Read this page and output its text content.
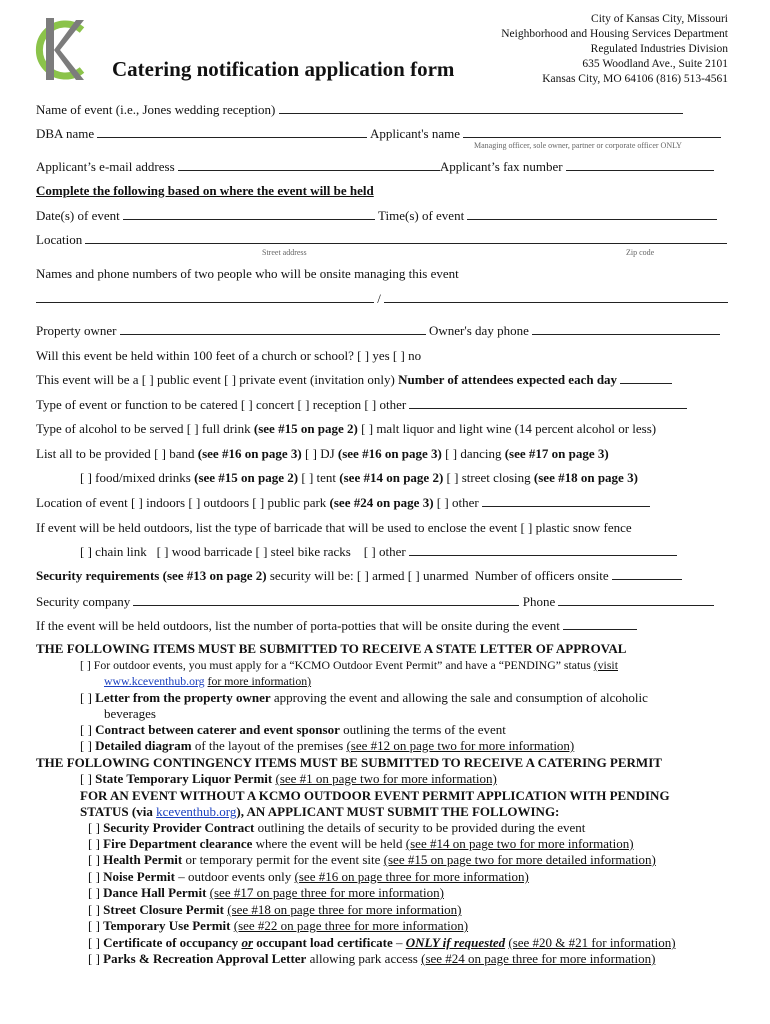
Catering notification application form
City of Kansas City, Missouri
Neighborhood and Housing Services Department
Regulated Industries Division
635 Woodland Ave., Suite 2101
Kansas City, MO 64106 (816) 513-4561
Name of event (i.e., Jones wedding reception)
DBA name	Applicant's name
Managing officer, sole owner, partner or corporate officer ONLY
Applicant’s e-mail address	Applicant’s fax number
Complete the following based on where the event will be held
Date(s) of event	Time(s) of event
Location
Street address	Zip code
Names and phone numbers of two people who will be onsite managing this event
/
Property owner	Owner's day phone
Will this event be held within 100 feet of a church or school? [ ] yes [ ] no
This event will be a [ ] public event [ ] private event (invitation only) Number of attendees expected each day
Type of event or function to be catered [ ] concert [ ] reception [ ] other
Type of alcohol to be served [ ] full drink (see #15 on page 2) [ ] malt liquor and light wine (14 percent alcohol or less)
List all to be provided [ ] band (see #16 on page 3) [ ] DJ (see #16 on page 3) [ ] dancing (see #17 on page 3)
[ ] food/mixed drinks (see #15 on page 2) [ ] tent (see #14 on page 2) [ ] street closing (see #18 on page 3)
Location of event [ ] indoors [ ] outdoors [ ] public park (see #24 on page 3) [ ] other
If event will be held outdoors, list the type of barricade that will be used to enclose the event [ ] plastic snow fence
[ ] chain link [ ] wood barricade [ ] steel bike racks [ ] other
Security requirements (see #13 on page 2) security will be: [ ] armed [ ] unarmed Number of officers onsite
Security company	Phone
If the event will be held outdoors, list the number of porta-potties that will be onsite during the event
THE FOLLOWING ITEMS MUST BE SUBMITTED TO RECEIVE A STATE LETTER OF APPROVAL
[ ] For outdoor events, you must apply for a “KCMO Outdoor Event Permit” and have a “PENDING” status (visit
www.kceventhub.org for more information)
[ ] Letter from the property owner approving the event and allowing the sale and consumption of alcoholic
beverages
[ ] Contract between caterer and event sponsor outlining the terms of the event
[ ] Detailed diagram of the layout of the premises (see #12 on page two for more information)
THE FOLLOWING CONTINGENCY ITEMS MUST BE SUBMITTED TO RECEIVE A CATERING PERMIT
[ ] State Temporary Liquor Permit (see #1 on page two for more information)
FOR AN EVENT WITHOUT A KCMO OUTDOOR EVENT PERMIT APPLICATION WITH PENDING
STATUS (via kceventhub.org), AN APPLICANT MUST SUBMIT THE FOLLOWING:
[ ] Security Provider Contract outlining the details of security to be provided during the event
[ ] Fire Department clearance where the event will be held (see #14 on page two for more information)
[ ] Health Permit or temporary permit for the event site (see #15 on page two for more detailed information)
[ ] Noise Permit – outdoor events only (see #16 on page three for more information)
[ ] Dance Hall Permit (see #17 on page three for more information)
[ ] Street Closure Permit (see #18 on page three for more information)
[ ] Temporary Use Permit (see #22 on page three for more information)
[ ] Certificate of occupancy or occupant load certificate – ONLY if requested (see #20 & #21 for information)
[ ] Parks & Recreation Approval Letter allowing park access (see #24 on page three for more information)
